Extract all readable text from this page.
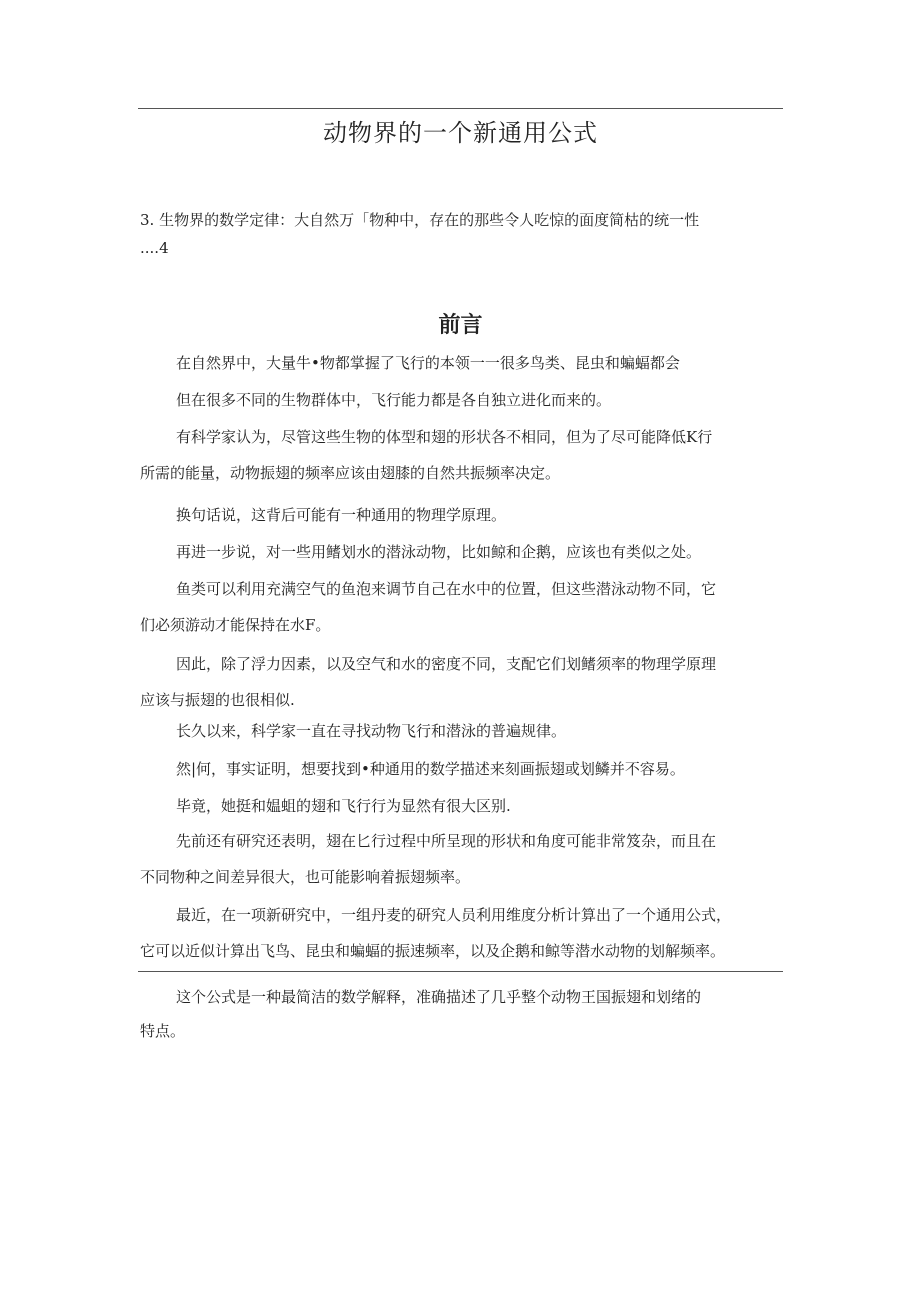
动物界的一个新通用公式
3. 生物界的数学定律：大自然万「物种中，存在的那些令人吃惊的面度简枯的统一性
....4
前言

在自然界中，大量牛•物都掌握了飞行的本领一一很多鸟类、昆虫和蝙蝠都会

但在很多不同的生物群体中，飞行能力都是各自独立进化而来的。

有科学家认为，尽管这些生物的体型和翅的形状各不相同，但为了尽可能降低K行
所需的能量，动物振翅的频率应该由翅膝的自然共振频率决定。

换句话说，这背后可能有一种通用的物理学原理。

再进一步说，对一些用鳍划水的潜泳动物，比如鲸和企鹅，应该也有类似之处。

鱼类可以利用充满空气的鱼泡来调节自己在水中的位置，但这些潜泳动物不同，它
们必须游动才能保持在水F。

因此，除了浮力因素，以及空气和水的密度不同，支配它们划鳍须率的物理学原理
应该与振翅的也很相似.

长久以来，科学家一直在寻找动物飞行和潜泳的普遍规律。

然|何，事实证明，想要找到•种通用的数学描述来刻画振翅或划鳞并不容易。

毕竟，她挺和媪蛆的翅和飞行行为显然有很大区别.

先前还有研究还表明，翅在匕行过程中所呈现的形状和角度可能非常笈杂，而且在
不同物种之间差异很大，也可能影响着振翅频率。

最近，在一项新研究中，一组丹麦的研究人员利用维度分析计算出了一个通用公式，
它可以近似计算出飞鸟、昆虫和蝙蝠的振速频率，以及企鹅和鲸等潜水动物的划解频率。

这个公式是一种最简洁的数学解释，准确描述了几乎整个动物王国振翅和划绪的
特点。
